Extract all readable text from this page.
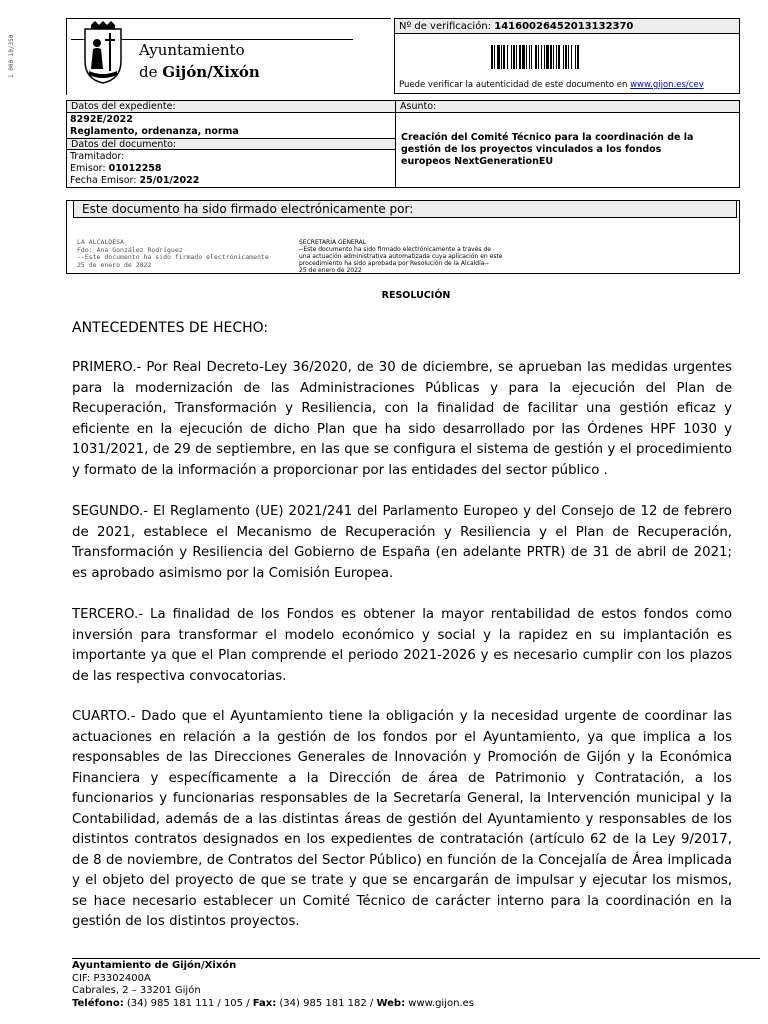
1 000 10/350	Ayuntamiento
de Gijón/Xixón
Nº de verificación: 14160026452013132370
Puede verificar la autenticidad de este documento en www.gijon.es/cev
Datos del expediente:
8292E/2022
Reglamento, ordenanza, norma
Datos del documento:
Tramitador:
Emisor: 01012258
Fecha Emisor: 25/01/2022
Asunto:
Creación del Comité Técnico para la coordinación de la
gestión de los proyectos vinculados a los fondos
europeos NextGenerationEU
Este documento ha sido firmado electrónicamente por:
LA ALCALDESA
Fdo: Ana González Rodríguez
--Este documento ha sido firmado electrónicamente
25 de enero de 2022
SECRETARÍA GENERAL
--Este documento ha sido firmado electrónicamente a través de
una actuación administrativa automatizada cuya aplicación en este
procedimiento ha sido aprobada por Resolución de la Alcaldía--
25 de enero de 2022
RESOLUCIÓN
ANTECEDENTES DE HECHO:
PRIMERO.- Por Real Decreto-Ley 36/2020, de 30 de diciembre, se aprueban las medidas urgentes para la modernización de las Administraciones Públicas y para la ejecución del Plan de Recuperación, Transformación y Resiliencia, con la finalidad de facilitar una gestión eficaz y eficiente en la ejecución de dicho Plan que ha sido desarrollado por las Órdenes HPF 1030 y 1031/2021, de 29 de septiembre, en las que se configura el sistema de gestión y el procedimiento y formato de la información a proporcionar por las entidades del sector público .
SEGUNDO.- El Reglamento (UE) 2021/241 del Parlamento Europeo y del Consejo de 12 de febrero de 2021, establece el Mecanismo de Recuperación y Resiliencia y el Plan de Recuperación, Transformación y Resiliencia del Gobierno de España (en adelante PRTR) de 31 de abril de 2021; es aprobado asimismo por la Comisión Europea.
TERCERO.- La finalidad de los Fondos es obtener la mayor rentabilidad de estos fondos como inversión para transformar el modelo económico y social y la rapidez en su implantación es importante ya que el Plan comprende el periodo 2021-2026 y es necesario cumplir con los plazos de las respectiva convocatorias.
CUARTO.- Dado que el Ayuntamiento tiene la obligación y la necesidad urgente de coordinar las actuaciones en relación a la gestión de los fondos por el Ayuntamiento, ya que implica a los responsables de las Direcciones Generales de Innovación y Promoción de Gijón y la Económica Financiera y específicamente a la Dirección de área de Patrimonio y Contratación, a los funcionarios y funcionarias responsables de la Secretaría General, la Intervención municipal y la Contabilidad, además de a las distintas áreas de gestión del Ayuntamiento y responsables de los distintos contratos designados en los expedientes de contratación (artículo 62 de la Ley 9/2017, de 8 de noviembre, de Contratos del Sector Público) en función de la Concejalía de Área implicada y el objeto del proyecto de que se trate y que se encargarán de impulsar y ejecutar los mismos, se hace necesario establecer un Comité Técnico de carácter interno para la coordinación en la gestión de los distintos proyectos.
Ayuntamiento de Gijón/Xixón
CIF: P3302400A
Cabrales, 2 – 33201 Gijón
Teléfono: (34) 985 181 111 / 105 / Fax: (34) 985 181 182 / Web: www.gijon.es
